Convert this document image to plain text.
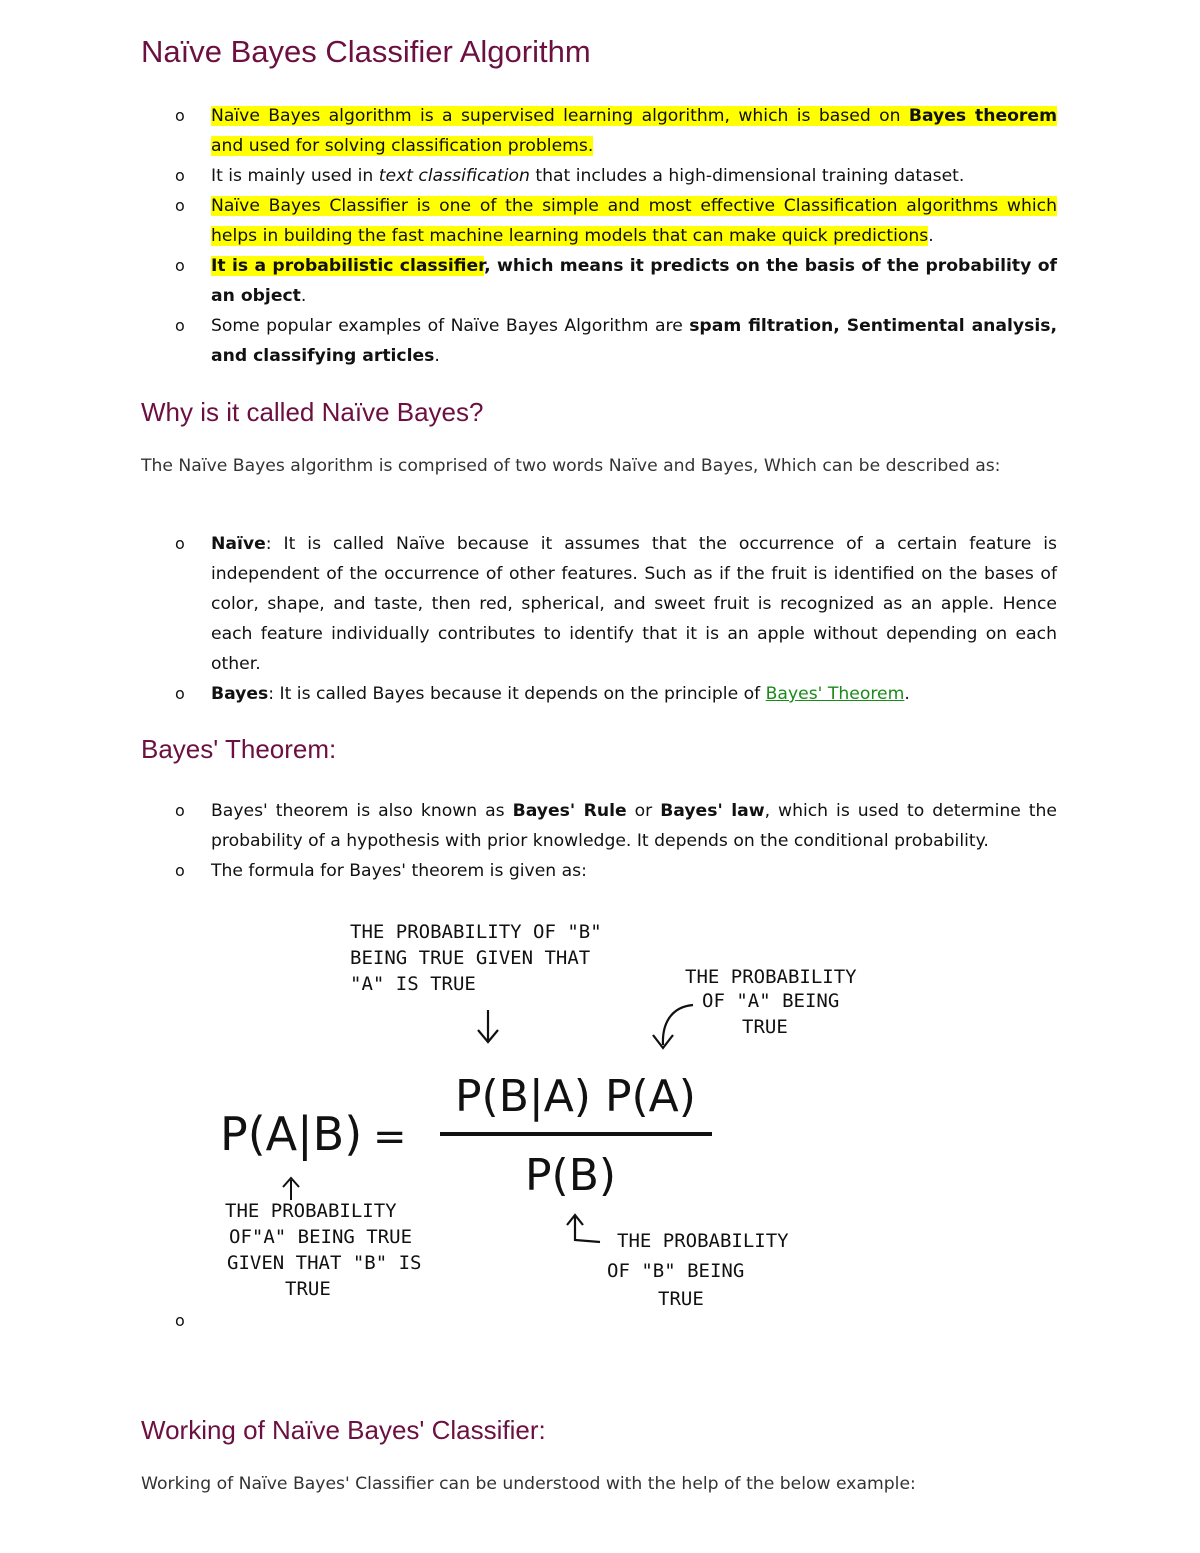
Naïve Bayes Classifier Algorithm
o Naïve Bayes algorithm is a supervised learning algorithm, which is based on Bayes theorem and used for solving classification problems.
o It is mainly used in text classification that includes a high-dimensional training dataset.
o Naïve Bayes Classifier is one of the simple and most effective Classification algorithms which helps in building the fast machine learning models that can make quick predictions.
o It is a probabilistic classifier, which means it predicts on the basis of the probability of an object.
o Some popular examples of Naïve Bayes Algorithm are spam filtration, Sentimental analysis, and classifying articles.
Why is it called Naïve Bayes?

The Naïve Bayes algorithm is comprised of two words Naïve and Bayes, Which can be described as:

o Naïve: It is called Naïve because it assumes that the occurrence of a certain feature is independent of the occurrence of other features. Such as if the fruit is identified on the bases of color, shape, and taste, then red, spherical, and sweet fruit is recognized as an apple. Hence each feature individually contributes to identify that it is an apple without depending on each other.
o Bayes: It is called Bayes because it depends on the principle of Bayes' Theorem.
Bayes' Theorem:
o Bayes' theorem is also known as Bayes' Rule or Bayes' law, which is used to determine the probability of a hypothesis with prior knowledge. It depends on the conditional probability.
o The formula for Bayes' theorem is given as:
THE PROBABILITY OF "B" BEING TRUE GIVEN THAT "A" IS TRUE	THE PROBABILITY OF "A" BEING TRUE
P(A|B) =
P(B|A) P(A)
P(B)
THE PROBABILITY OF"A" BEING TRUE GIVEN THAT "B" IS TRUE
THE PROBABILITY OF "B" BEING TRUE
o
Working of Naïve Bayes' Classifier:

Working of Naïve Bayes' Classifier can be understood with the help of the below example:
